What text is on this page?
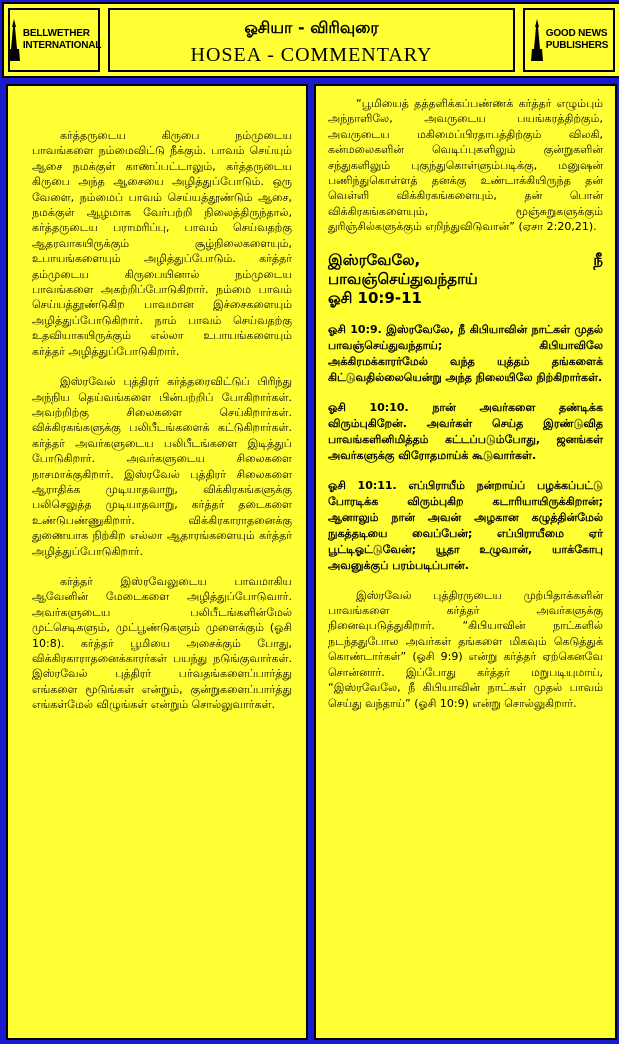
BELLWETHER
INTERNATIONAL
ஓசியா - விரிவுரை
HOSEA - COMMENTARY
GOOD NEWS
PUBLISHERS

கர்த்தருடைய கிருபை நம்முடைய பாவங்களை நம்மைவிட்டு நீக்கும். பாவம் செய்யும் ஆசை நமக்குள் காணப்பட்டாலும், கர்த்தருடைய கிருபை அந்த ஆசையை அழித்துப்போடும். ஒரு வேளை, நம்மைப் பாவம் செய்யத்தூண்டும் ஆசை, நமக்குள் ஆழமாக வேர்பற்றி நிலைத்திருந்தால், கர்த்தருடைய பராமரிப்பு, பாவம் செய்வதற்கு ஆதரவாகயிருக்கும் சூழ்நிலைகளையும், உபாயங்களையும் அழித்துப்போடும். கர்த்தர் தம்முடைய கிருபையினால் நம்முடைய பாவங்களை அகற்றிப்போடுகிறார். நம்மை பாவம் செய்யத்தூண்டுகிற பாவமான இச்சைகளையும் அழித்துப்போடுகிறார். நாம் பாவம் செய்வதற்கு உதவியாகயிருக்கும் எல்லா உபாயங்களையும் கர்த்தர் அழித்துப்போடுகிறார்.

இஸ்ரவேல் புத்திரர் கர்த்தரைவிட்டுப் பிரிந்து அந்நிய தெய்வங்களை பின்பற்றிப் போகிறார்கள். அவற்றிற்கு சிலைகளை செய்கிறார்கள். விக்கிரகங்களுக்கு பலிபீடங்களைக் கட்டுகிறார்கள். கர்த்தர் அவர்களுடைய பலிபீடங்களை இடித்துப் போடுகிறார். அவர்களுடைய சிலைகளை நாசமாக்குகிறார். இஸ்ரவேல் புத்திரர் சிலைகளை ஆராதிக்க முடியாதவாறு, விக்கிரகங்களுக்கு பலிசெலுத்த முடியாதவாறு, கர்த்தர் தடைகளை உண்டுபண்ணுகிறார். விக்கிரகாராதனைக்கு துணையாக நிற்கிற எல்லா ஆதாரங்களையும் கர்த்தர் அழித்துப்போடுகிறார்.

கர்த்தர் இஸ்ரவேலுடைய பாவமாகிய ஆவேனின் மேடைகளை அழித்துப்போடுவார். அவர்களுடைய பலிபீடங்களின்மேல் முட்செடிகளும், முட்பூண்டுகளும் முளைக்கும் (ஓசி 10:8). கர்த்தர் பூமியை அசைக்கும் போது, விக்கிரகாராதனைக்காரர்கள் பயந்து நடுங்குவார்கள். இஸ்ரவேல் புத்திரர் பர்வதங்களைப்பார்த்து எங்களை மூடுங்கள் என்றும், குன்றுகளைப்பார்த்து எங்கள்மேல் விழுங்கள் என்றும் சொல்லுவார்கள்.

“பூமியைத் தத்தளிக்கப்பண்ணக் கர்த்தர் எழும்பும் அந்நாளிலே, அவருடைய பயங்கரத்திற்கும், அவருடைய மகிமைப்பிரதாபத்திற்கும் விலகி, கன்மலைகளின் வெடிப்புகளிலும் குன்றுகளின் சந்துகளிலும் புகுந்துகொள்ளும்படிக்கு, மனுஷன் பணிந்துகொள்ளத் தனக்கு உண்டாக்கியிருந்த தன் வெள்ளி விக்கிரகங்களையும், தன் பொன் விக்கிரகங்களையும், மூஞ்சுறுகளுக்கும் துரிஞ்சில்களுக்கும் எறிந்துவிடுவான்” (ஏசா 2:20,21).

இஸ்ரவேலே,	நீ
பாவஞ்செய்துவந்தாய்
ஓசி 10:9-11

ஓசி 10:9. இஸ்ரவேலே, நீ கிபியாவின் நாட்கள் முதல் பாவஞ்செய்துவந்தாய்; கிபியாவிலே அக்கிரமக்காரர்மேல் வந்த யுத்தம் தங்களைக் கிட்டுவதில்லையென்று அந்த நிலையிலே நிற்கிறார்கள்.

ஓசி 10:10. நான் அவர்களை தண்டிக்க விரும்புகிறேன். அவர்கள் செய்த இரண்டுவித பாவங்களினிமித்தம் கட்டப்படும்போது, ஜனங்கள் அவர்களுக்கு விரோதமாய்க் கூடுவார்கள்.

ஓசி 10:11. எப்பிராயீம் நன்றாய்ப் பழக்கப்பட்டு போரடிக்க விரும்புகிற கடாரியாயிருக்கிறான்; ஆனாலும் நான் அவன் அழகான கழுத்தின்மேல் நுகத்தடியை வைப்பேன்; எப்பிராயீமை ஏர் பூட்டிஓட்டுவேன்; யூதா உழுவான், யாக்கோபு அவனுக்குப் பரம்படிப்பான்.

இஸ்ரவேல் புத்திரருடைய முற்பிதாக்களின் பாவங்களை கர்த்தர் அவர்களுக்கு நினைவுபடுத்துகிறார். “கிபியாவின் நாட்களில் நடந்ததுபோல அவர்கள் தங்களை மிகவும் கெடுத்துக் கொண்டார்கள்” (ஓசி 9:9) என்று கர்த்தர் ஏற்கெனவே சொன்னார். இப்போது கர்த்தர் மறுபடியுமாய், “இஸ்ரவேலே, நீ கிபியாவின் நாட்கள் முதல் பாவம் செய்து வந்தாய்” (ஓசி 10:9) என்று சொல்லுகிறார்.
